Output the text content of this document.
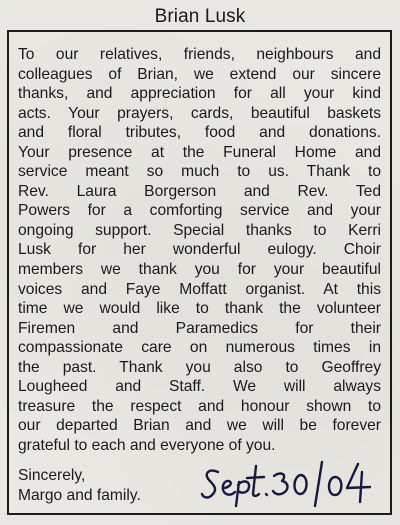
Brian Lusk
To our relatives, friends, neighbours and
colleagues of Brian, we extend our sincere
thanks, and appreciation for all your kind
acts. Your prayers, cards, beautiful baskets
and floral tributes, food and donations.
Your presence at the Funeral Home and
service meant so much to us. Thank to
Rev. Laura Borgerson and Rev. Ted
Powers for a comforting service and your
ongoing support. Special thanks to Kerri
Lusk for her wonderful eulogy. Choir
members we thank you for your beautiful
voices and Faye Moffatt organist. At this
time we would like to thank the volunteer
Firemen and Paramedics for their
compassionate care on numerous times in
the past. Thank you also to Geoffrey
Lougheed and Staff. We will always
treasure the respect and honour shown to
our departed Brian and we will be forever
grateful to each and everyone of you.
Sincerely,
Margo and family.
